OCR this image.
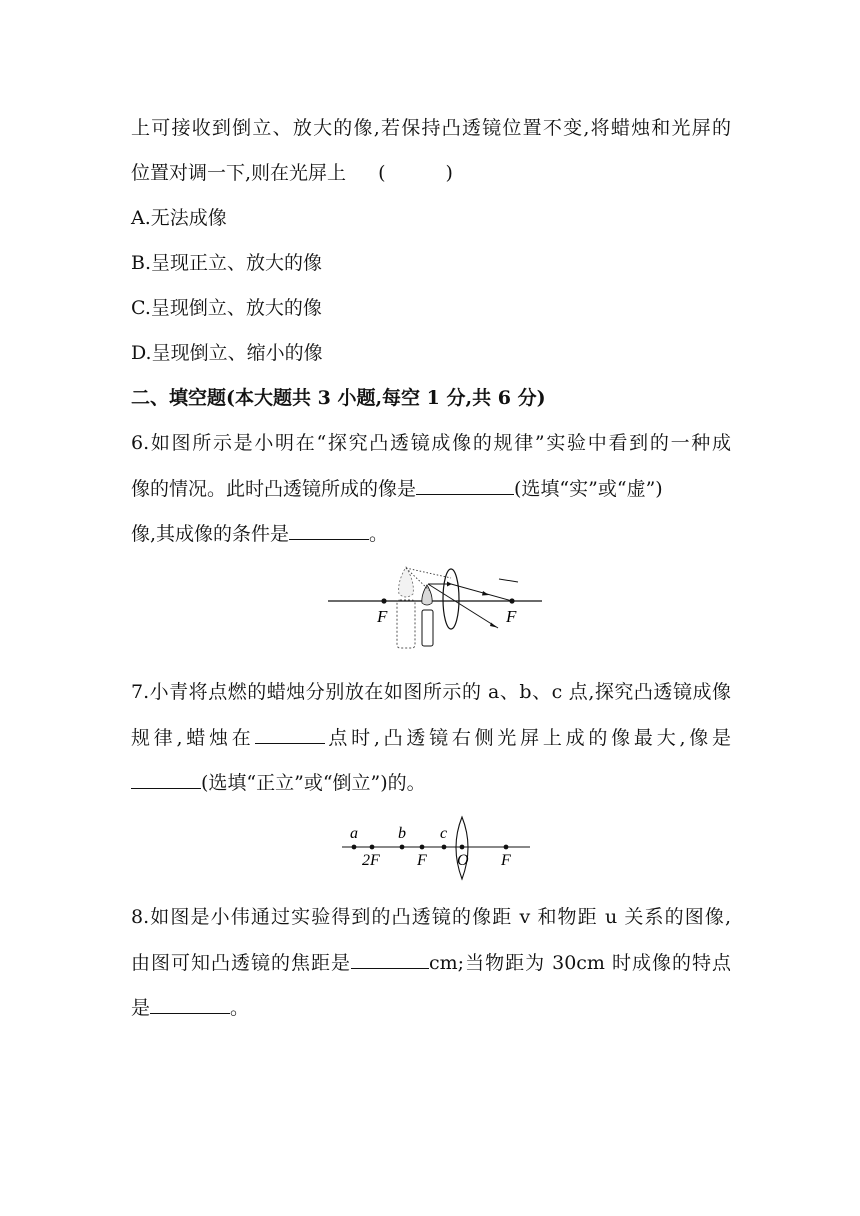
上可接收到倒立、放大的像,若保持凸透镜位置不变,将蜡烛和光屏的
位置对调一下,则在光屏上 (	)
A.无法成像
B.呈现正立、放大的像
C.呈现倒立、放大的像
D.呈现倒立、缩小的像
二、填空题(本大题共 3 小题,每空 1 分,共 6 分)
6.如图所示是小明在“探究凸透镜成像的规律”实验中看到的一种成
像的情况。此时凸透镜所成的像是	(选填“实”或“虚”)
像,其成像的条件是	。
F	F
7.小青将点燃的蜡烛分别放在如图所示的 a、b、c 点,探究凸透镜成像
规律,蜡烛在	点时,凸透镜右侧光屏上成的像最大,像是
(选填“正立”或“倒立”)的。
a	b c
2F F O F
8.如图是小伟通过实验得到的凸透镜的像距 v 和物距 u 关系的图像,
由图可知凸透镜的焦距是	cm;当物距为 30cm 时成像的特点
是	。
